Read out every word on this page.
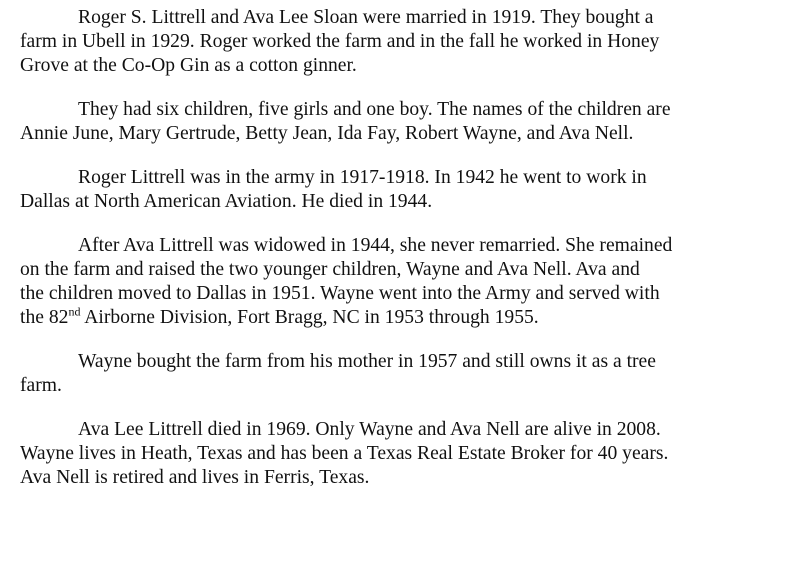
Roger S. Littrell and Ava Lee Sloan were married in 1919. They bought a
farm in Ubell in 1929. Roger worked the farm and in the fall he worked in Honey
Grove at the Co-Op Gin as a cotton ginner.

They had six children, five girls and one boy. The names of the children are
Annie June, Mary Gertrude, Betty Jean, Ida Fay, Robert Wayne, and Ava Nell.

Roger Littrell was in the army in 1917-1918. In 1942 he went to work in
Dallas at North American Aviation. He died in 1944.

After Ava Littrell was widowed in 1944, she never remarried. She remained
on the farm and raised the two younger children, Wayne and Ava Nell. Ava and
the children moved to Dallas in 1951. Wayne went into the Army and served with
the 82nd Airborne Division, Fort Bragg, NC in 1953 through 1955.

Wayne bought the farm from his mother in 1957 and still owns it as a tree
farm.

Ava Lee Littrell died in 1969. Only Wayne and Ava Nell are alive in 2008.
Wayne lives in Heath, Texas and has been a Texas Real Estate Broker for 40 years.
Ava Nell is retired and lives in Ferris, Texas.
